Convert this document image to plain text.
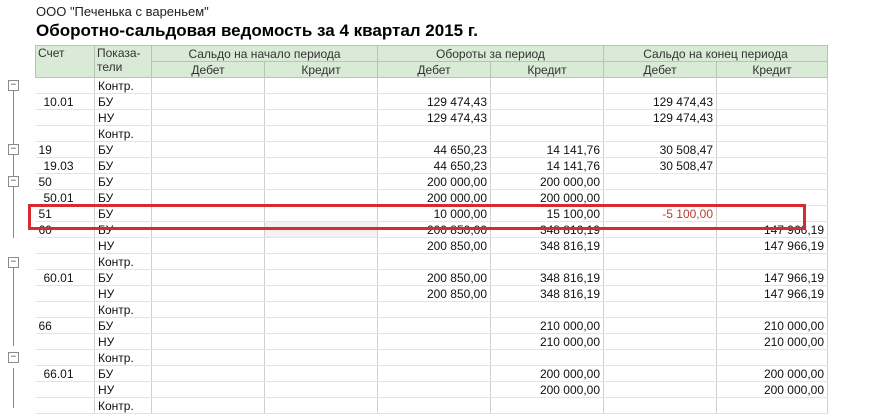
ООО "Печенька с вареньем"
Оборотно-сальдовая ведомость за 4 квартал 2015 г.
−
−
−
−
−
Счет	Показа-
тели	Сальдо на начало периода		Обороты за период		Сальдо на конец периода	
		Дебет	Кредит	Дебет	Кредит	Дебет	Кредит
	Контр.						
10.01	БУ			129 474,43		129 474,43	
	НУ			129 474,43		129 474,43	
	Контр.						
19	БУ			44 650,23	14 141,76	30 508,47	
19.03	БУ			44 650,23	14 141,76	30 508,47	
50	БУ			200 000,00	200 000,00		
50.01	БУ			200 000,00	200 000,00		
51	БУ			10 000,00	15 100,00	-5 100,00	
60	БУ			200 850,00	348 816,19		147 966,19
	НУ			200 850,00	348 816,19		147 966,19
	Контр.						
60.01	БУ			200 850,00	348 816,19		147 966,19
	НУ			200 850,00	348 816,19		147 966,19
	Контр.						
66	БУ				210 000,00		210 000,00
	НУ				210 000,00		210 000,00
	Контр.						
66.01	БУ				200 000,00		200 000,00
	НУ				200 000,00		200 000,00
	Контр.						
